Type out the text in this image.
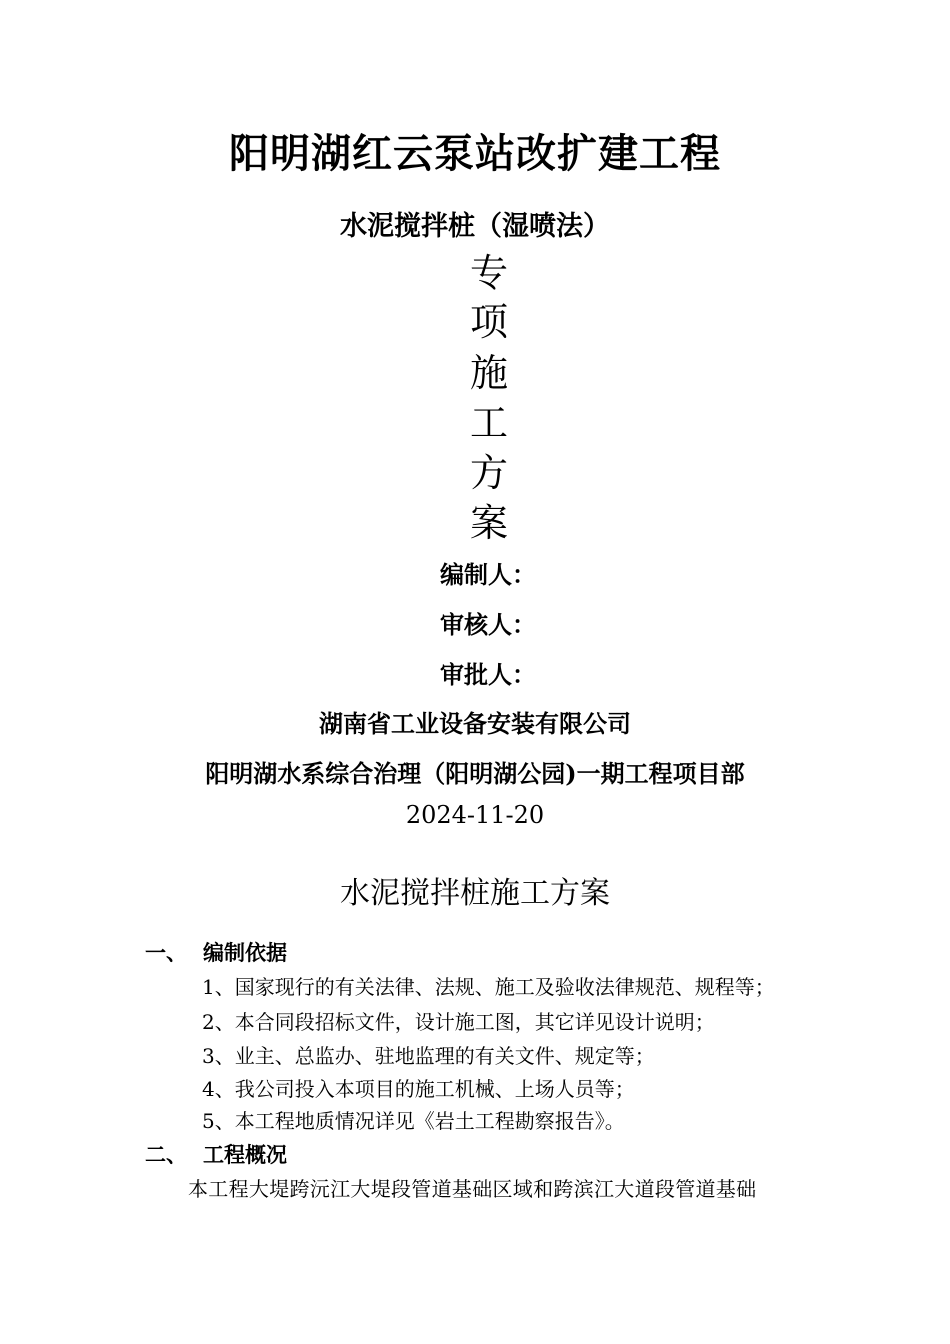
阳明湖红云泵站改扩建工程
水泥搅拌桩（湿喷法）
专
项
施
工
方
案
编制人：
审核人：
审批人：
湖南省工业设备安装有限公司
阳明湖水系综合治理（阳明湖公园)一期工程项目部
2024-11-20
水泥搅拌桩施工方案
一、 编制依据
1、国家现行的有关法律、法规、施工及验收法律规范、规程等；
2、本合同段招标文件，设计施工图，其它详见设计说明；
3、业主、总监办、驻地监理的有关文件、规定等；
4、我公司投入本项目的施工机械、上场人员等；
5、本工程地质情况详见《岩土工程勘察报告》。
二、 工程概况
本工程大堤跨沅江大堤段管道基础区域和跨滨江大道段管道基础
